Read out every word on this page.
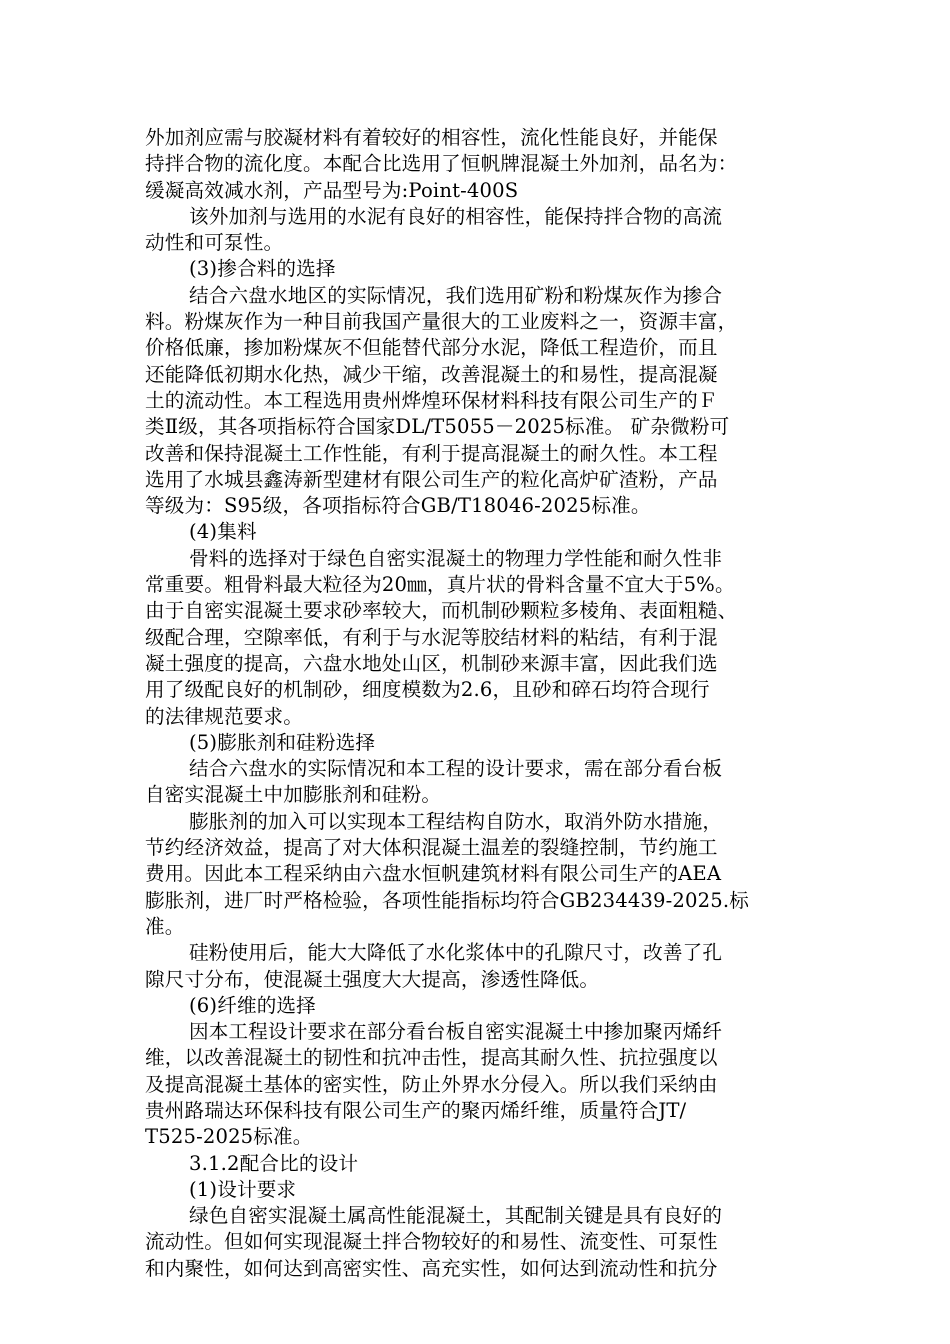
外加剂应需与胶凝材料有着较好的相容性，流化性能良好，并能保
持拌合物的流化度。本配合比选用了恒帆牌混凝土外加剂，品名为：
缓凝高效减水剂，产品型号为:Point-400S

该外加剂与选用的水泥有良好的相容性，能保持拌合物的高流
动性和可泵性。

(3)掺合料的选择

结合六盘水地区的实际情况，我们选用矿粉和粉煤灰作为掺合
料。粉煤灰作为一种目前我国产量很大的工业废料之一，资源丰富，
价格低廉，掺加粉煤灰不但能替代部分水泥，降低工程造价，而且
还能降低初期水化热，减少干缩，改善混凝土的和易性，提高混凝
土的流动性。本工程选用贵州烨煌环保材料科技有限公司生产的Ｆ
类Ⅱ级，其各项指标符合国家DL/T5055－2025标准。 矿杂微粉可
改善和保持混凝土工作性能，有利于提高混凝土的耐久性。本工程
选用了水城县鑫涛新型建材有限公司生产的粒化高炉矿渣粉，产品
等级为：S95级，各项指标符合GB/T18046-2025标准。

(4)集料

骨料的选择对于绿色自密实混凝土的物理力学性能和耐久性非
常重要。粗骨料最大粒径为20㎜，真片状的骨料含量不宜大于5%。
由于自密实混凝土要求砂率较大，而机制砂颗粒多棱角、表面粗糙、
级配合理，空隙率低，有利于与水泥等胶结材料的粘结，有利于混
凝土强度的提高，六盘水地处山区，机制砂来源丰富，因此我们选
用了级配良好的机制砂，细度模数为2.6，且砂和碎石均符合现行
的法律规范要求。

(5)膨胀剂和硅粉选择

结合六盘水的实际情况和本工程的设计要求，需在部分看台板
自密实混凝土中加膨胀剂和硅粉。

膨胀剂的加入可以实现本工程结构自防水，取消外防水措施，
节约经济效益，提高了对大体积混凝土温差的裂缝控制，节约施工
费用。因此本工程采纳由六盘水恒帆建筑材料有限公司生产的AEA
膨胀剂，进厂时严格检验，各项性能指标均符合GB234439-2025.标
准。

硅粉使用后，能大大降低了水化浆体中的孔隙尺寸，改善了孔
隙尺寸分布，使混凝土强度大大提高，渗透性降低。

(6)纤维的选择

因本工程设计要求在部分看台板自密实混凝土中掺加聚丙烯纤
维，以改善混凝土的韧性和抗冲击性，提高其耐久性、抗拉强度以
及提高混凝土基体的密实性，防止外界水分侵入。所以我们采纳由
贵州路瑞达环保科技有限公司生产的聚丙烯纤维，质量符合JT/
T525-2025标准。

3.1.2配合比的设计

(1)设计要求

绿色自密实混凝土属高性能混凝土，其配制关键是具有良好的
流动性。但如何实现混凝土拌合物较好的和易性、流变性、可泵性
和内聚性，如何达到高密实性、高充实性，如何达到流动性和抗分
